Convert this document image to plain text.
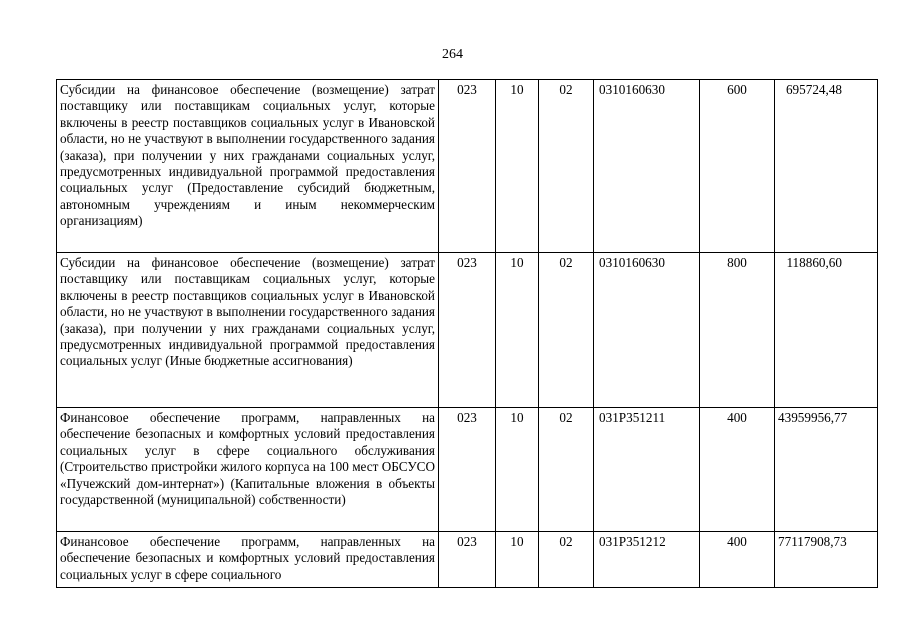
264
Субсидии на финансовое обеспечение (возмещение) затрат поставщику или поставщикам социальных услуг, которые включены в реестр поставщиков социальных услуг в Ивановской области, но не участвуют в выполнении государственного задания (заказа), при получении у них гражданами социальных услуг, предусмотренных индивидуальной программой предоставления социальных услуг (Предоставление субсидий бюджетным, автономным учреждениям и иным некоммерческим организациям)	023	10	02	0310160630	600	695724,48
Субсидии на финансовое обеспечение (возмещение) затрат поставщику или поставщикам социальных услуг, которые включены в реестр поставщиков социальных услуг в Ивановской области, но не участвуют в выполнении государственного задания (заказа), при получении у них гражданами социальных услуг, предусмотренных индивидуальной программой предоставления социальных услуг (Иные бюджетные ассигнования)	023	10	02	0310160630	800	118860,60
Финансовое обеспечение программ, направленных на обеспечение безопасных и комфортных условий предоставления социальных услуг в сфере социального обслуживания (Строительство пристройки жилого корпуса на 100 мест ОБСУСО «Пучежский дом-интернат») (Капитальные вложения в объекты государственной (муниципальной) собственности)	023	10	02	031P351211	400	43959956,77
Финансовое обеспечение программ, направленных на обеспечение безопасных и комфортных условий предоставления социальных услуг в сфере социального	023	10	02	031P351212	400	77117908,73
